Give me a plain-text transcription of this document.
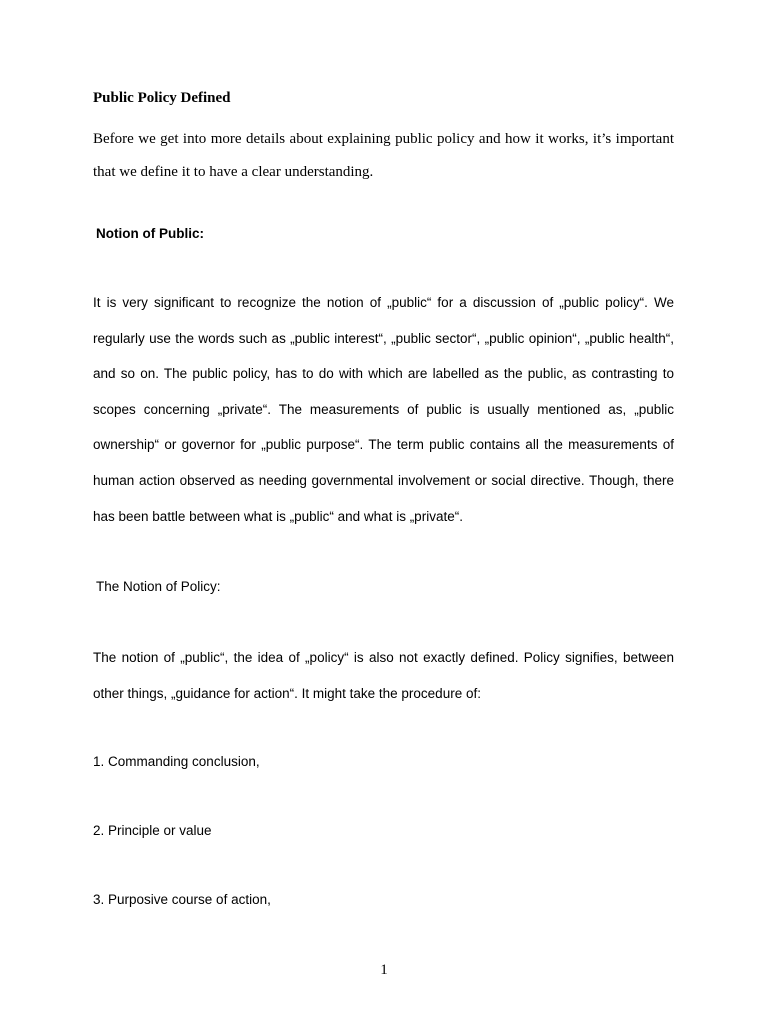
Public Policy Defined
Before we get into more details about explaining public policy and how it works, it’s important that we define it to have a clear understanding.
Notion of Public:
It is very significant to recognize the notion of „public“ for a discussion of „public policy“. We regularly use the words such as „public interest“, „public sector“, „public opinion“, „public health“, and so on. The public policy, has to do with which are labelled as the public, as contrasting to scopes concerning „private“. The measurements of public is usually mentioned as, „public ownership“ or governor for „public purpose“. The term public contains all the measurements of human action observed as needing governmental involvement or social directive. Though, there has been battle between what is „public“ and what is „private“.
The Notion of Policy:
The notion of „public“, the idea of „policy“ is also not exactly defined. Policy signifies, between other things, „guidance for action“. It might take the procedure of:
1. Commanding conclusion,
2. Principle or value
3. Purposive course of action,
1
